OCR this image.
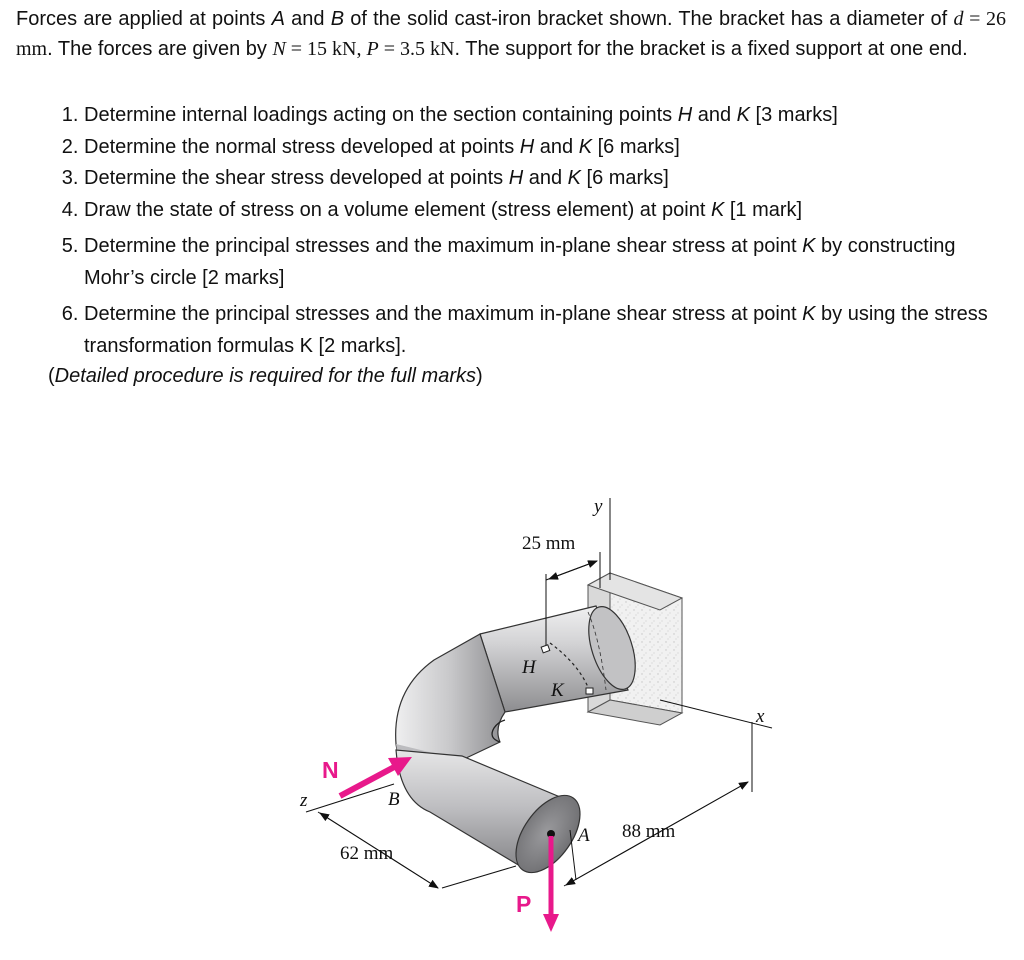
Forces are applied at points A and B of the solid cast-iron bracket shown. The bracket has a diameter of d = 26 mm. The forces are given by N = 15 kN, P = 3.5 kN. The support for the bracket is a fixed support at one end.

1. Determine internal loadings acting on the section containing points H and K [3 marks]
2. Determine the normal stress developed at points H and K [6 marks]
3. Determine the shear stress developed at points H and K [6 marks]
4. Draw the state of stress on a volume element (stress element) at point K [1 mark]
5. Determine the principal stresses and the maximum in-plane shear stress at point K by constructing Mohr’s circle [2 marks]
6. Determine the principal stresses and the maximum in-plane shear stress at point K by using the stress transformation formulas K [2 marks].

(Detailed procedure is required for the full marks)

25 mm
y
x
88 mm
62 mm
z
N
P
H
K
A
B
